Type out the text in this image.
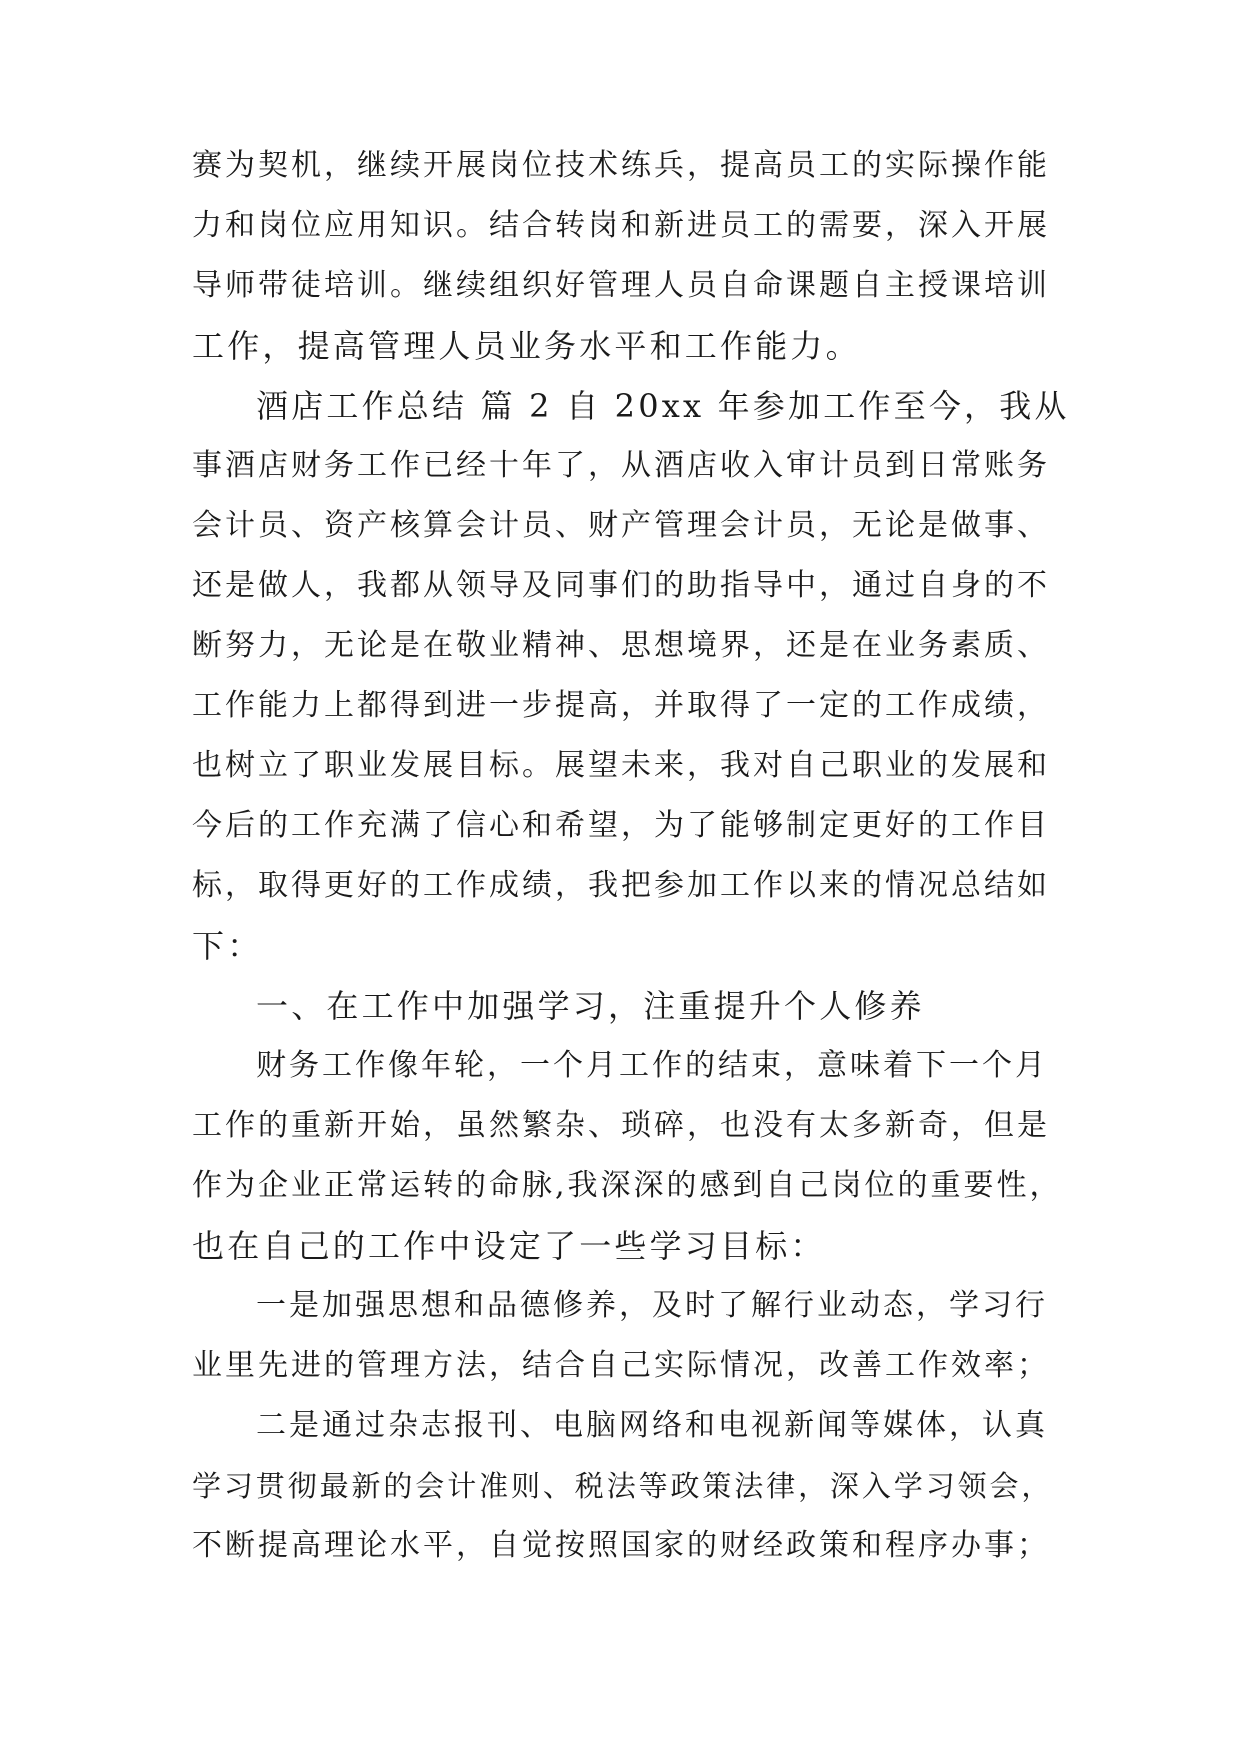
赛为契机，继续开展岗位技术练兵，提高员工的实际操作能
力和岗位应用知识。结合转岗和新进员工的需要，深入开展
导师带徒培训。继续组织好管理人员自命课题自主授课培训
工作，提高管理人员业务水平和工作能力。
酒店工作总结 篇 2 自 20xx 年参加工作至今，我从
事酒店财务工作已经十年了，从酒店收入审计员到日常账务
会计员、资产核算会计员、财产管理会计员，无论是做事、
还是做人，我都从领导及同事们的助指导中，通过自身的不
断努力，无论是在敬业精神、思想境界，还是在业务素质、
工作能力上都得到进一步提高，并取得了一定的工作成绩，
也树立了职业发展目标。展望未来，我对自己职业的发展和
今后的工作充满了信心和希望，为了能够制定更好的工作目
标，取得更好的工作成绩，我把参加工作以来的情况总结如
下：
一、在工作中加强学习，注重提升个人修养
财务工作像年轮，一个月工作的结束，意味着下一个月
工作的重新开始，虽然繁杂、琐碎，也没有太多新奇，但是
作为企业正常运转的命脉,我深深的感到自己岗位的重要性，
也在自己的工作中设定了一些学习目标：
一是加强思想和品德修养，及时了解行业动态，学习行
业里先进的管理方法，结合自己实际情况，改善工作效率；
二是通过杂志报刊、电脑网络和电视新闻等媒体，认真
学习贯彻最新的会计准则、税法等政策法律，深入学习领会，
不断提高理论水平，自觉按照国家的财经政策和程序办事；
